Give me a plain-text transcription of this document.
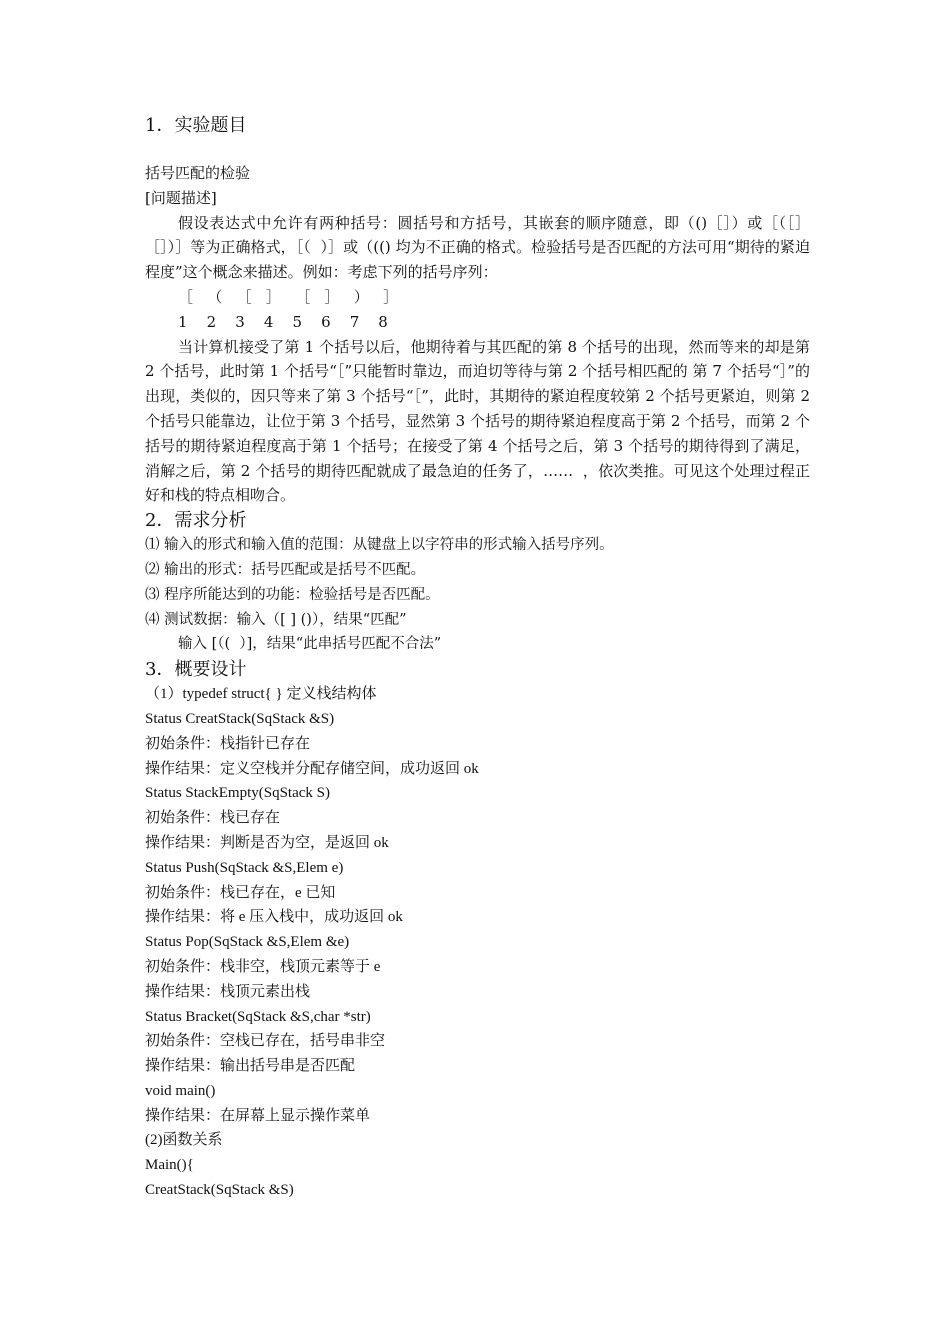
1．实验题目
括号匹配的检验
[问题描述]
假设表达式中允许有两种括号：圆括号和方括号，其嵌套的顺序随意，即（()［］）或［（［］［］）］等为正确格式，［（  ）］或（(() 均为不正确的格式。检验括号是否匹配的方法可用“期待的紧迫程度”这个概念来描述。例如：考虑下列的括号序列：
［   （   ［   ］   ［   ］   ）   ］
1    2    3    4    5    6    7    8
当计算机接受了第 1 个括号以后，他期待着与其匹配的第 8 个括号的出现，然而等来的却是第 2 个括号，此时第 1 个括号“［”只能暂时靠边，而迫切等待与第 2 个括号相匹配的 第 7 个括号“］”的出现，类似的，因只等来了第 3 个括号“［”，此时，其期待的紧迫程度较第 2 个括号更紧迫，则第 2 个括号只能靠边，让位于第 3 个括号，显然第 3 个括号的期待紧迫程度高于第 2 个括号，而第 2 个括号的期待紧迫程度高于第 1 个括号；在接受了第 4 个括号之后，第 3 个括号的期待得到了满足，消解之后，第 2 个括号的期待匹配就成了最急迫的任务了，……  ，依次类推。可见这个处理过程正好和栈的特点相吻合。
2．需求分析
⑴ 输入的形式和输入值的范围：从键盘上以字符串的形式输入括号序列。
⑵ 输出的形式：括号匹配或是括号不匹配。
⑶ 程序所能达到的功能：检验括号是否匹配。
⑷ 测试数据：输入（[ ] ()），结果“匹配”
输入 [（(  ）]，结果“此串括号匹配不合法”
3．概要设计
（1）typedef struct{ } 定义栈结构体
Status CreatStack(SqStack &S)
初始条件：栈指针已存在
操作结果：定义空栈并分配存储空间，成功返回 ok
Status StackEmpty(SqStack S)
初始条件：栈已存在
操作结果：判断是否为空，是返回 ok
Status Push(SqStack &S,Elem e)
初始条件：栈已存在，e 已知
操作结果：将 e 压入栈中，成功返回 ok
Status Pop(SqStack &S,Elem &e)
初始条件：栈非空，栈顶元素等于 e
操作结果：栈顶元素出栈
Status Bracket(SqStack &S,char *str)
初始条件：空栈已存在，括号串非空
操作结果：输出括号串是否匹配
void main()
操作结果：在屏幕上显示操作菜单
(2)函数关系
Main(){
CreatStack(SqStack &S)
